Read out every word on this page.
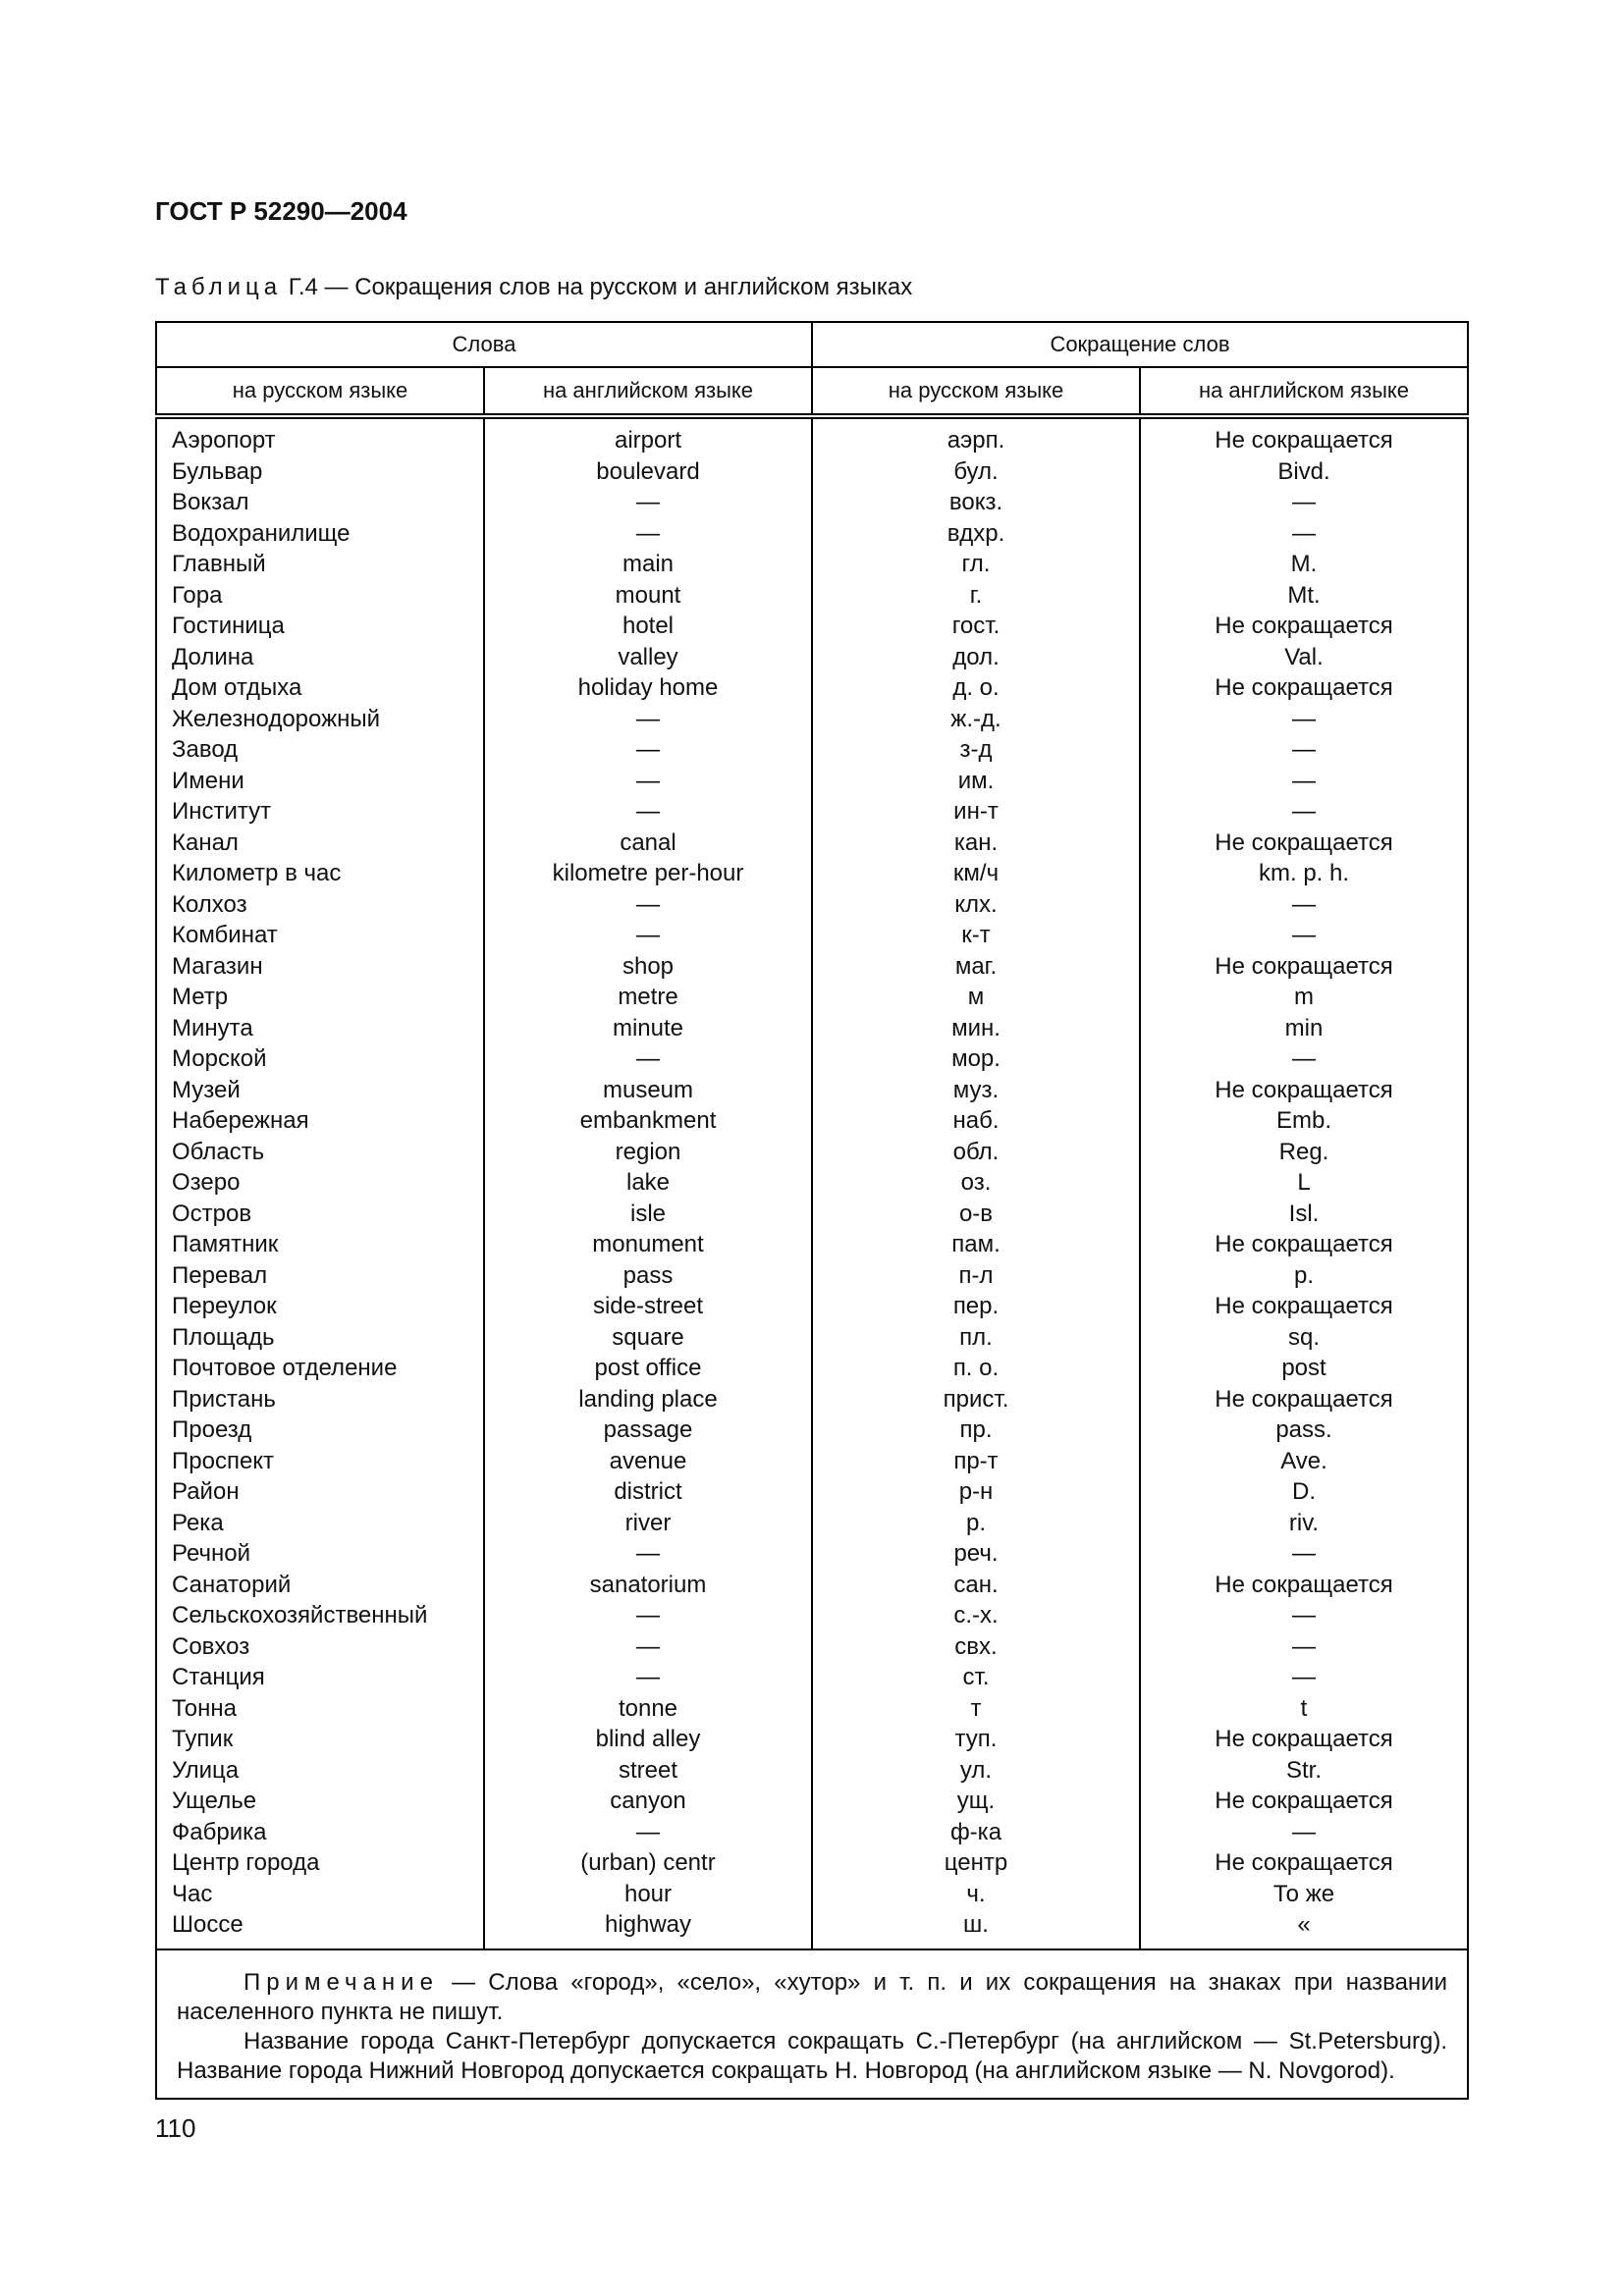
ГОСТ Р 52290—2004
Таблица Г.4 — Сокращения слов на русском и английском языках
Слова		Сокращение слов	
на русском языке	на английском языке	на русском языке	на английском языке
Аэропорт	airport	аэрп.	Не сокращается
Бульвар	boulevard	бул.	Bivd.
Вокзал	—	вокз.	—
Водохранилище	—	вдхр.	—
Главный	main	гл.	M.
Гора	mount	г.	Mt.
Гостиница	hotel	гост.	Не сокращается
Долина	valley	дол.	Val.
Дом отдыха	holiday home	д. о.	Не сокращается
Железнодорожный	—	ж.-д.	—
Завод	—	з-д	—
Имени	—	им.	—
Институт	—	ин-т	—
Канал	canal	кан.	Не сокращается
Километр в час	kilometre per-hour	км/ч	km. p. h.
Колхоз	—	клх.	—
Комбинат	—	к-т	—
Магазин	shop	маг.	Не сокращается
Метр	metre	м	m
Минута	minute	мин.	min
Морской	—	мор.	—
Музей	museum	муз.	Не сокращается
Набережная	embankment	наб.	Emb.
Область	region	обл.	Reg.
Озеро	lake	оз.	L
Остров	isle	о-в	Isl.
Памятник	monument	пам.	Не сокращается
Перевал	pass	п-л	p.
Переулок	side-street	пер.	Не сокращается
Площадь	square	пл.	sq.
Почтовое отделение	post office	п. о.	post
Пристань	landing place	прист.	Не сокращается
Проезд	passage	пр.	pass.
Проспект	avenue	пр-т	Ave.
Район	district	р-н	D.
Река	river	р.	riv.
Речной	—	реч.	—
Санаторий	sanatorium	сан.	Не сокращается
Сельскохозяйственный	—	с.-х.	—
Совхоз	—	свх.	—
Станция	—	ст.	—
Тонна	tonne	т	t
Тупик	blind alley	туп.	Не сокращается
Улица	street	ул.	Str.
Ущелье	canyon	ущ.	Не сокращается
Фабрика	—	ф-ка	—
Центр города	(urban) centr	центр	Не сокращается
Час	hour	ч.	То же
Шоссе	highway	ш.	«

Примечание — Слова «город», «село», «хутор» и т. п. и их сокращения на знаках при названии населенного пункта не пишут.

Название города Санкт-Петербург допускается сокращать С.-Петербург (на английском — St.Petersburg). Название города Нижний Новгород допускается сокращать Н. Новгород (на английском языке — N. Novgorod).			

110
